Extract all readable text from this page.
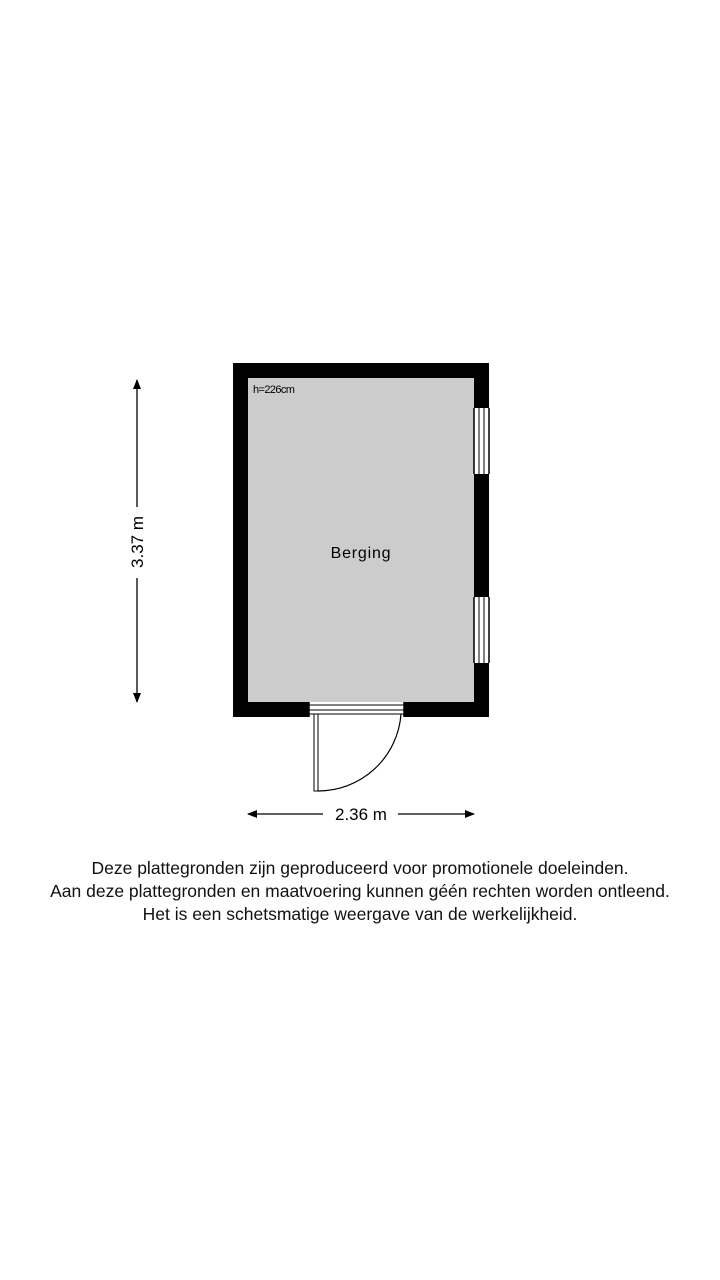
h=226cm
Berging
3.37 m
2.36 m
Deze plattegronden zijn geproduceerd voor promotionele doeleinden.
Aan deze plattegronden en maatvoering kunnen géén rechten worden ontleend.
Het is een schetsmatige weergave van de werkelijkheid.
